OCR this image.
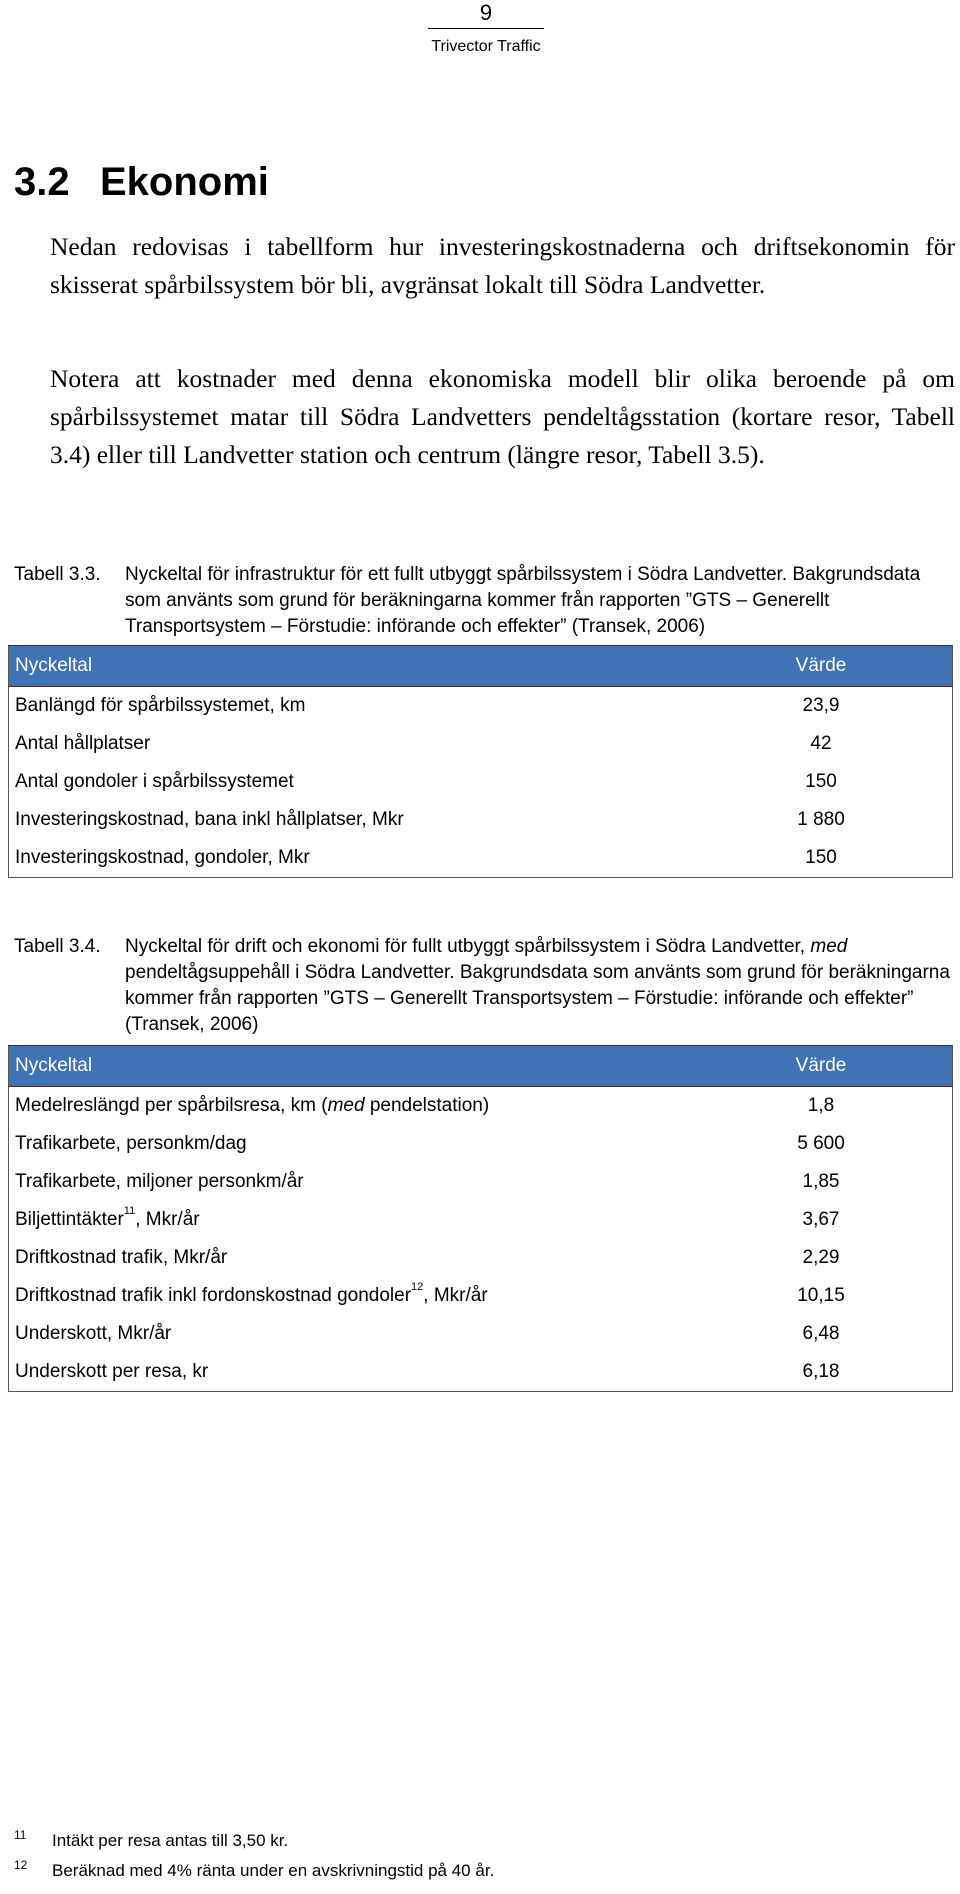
9
Trivector Traffic
3.2 Ekonomi

Nedan redovisas i tabellform hur investeringskostnaderna och driftsekonomin för skisserat spårbilssystem bör bli, avgränsat lokalt till Södra Landvetter.

Notera att kostnader med denna ekonomiska modell blir olika beroende på om spårbilssystemet matar till Södra Landvetters pendeltågsstation (kortare resor, Tabell 3.4) eller till Landvetter station och centrum (längre resor, Tabell 3.5).

Tabell 3.3. Nyckeltal för infrastruktur för ett fullt utbyggt spårbilssystem i Södra Landvetter. Bakgrundsdata som använts som grund för beräkningarna kommer från rapporten ”GTS – Generellt Transportsystem – Förstudie: införande och effekter” (Transek, 2006)
Nyckeltal	Värde
Banlängd för spårbilssystemet, km	23,9
Antal hållplatser	42
Antal gondoler i spårbilssystemet	150
Investeringskostnad, bana inkl hållplatser, Mkr	1 880
Investeringskostnad, gondoler, Mkr	150
Tabell 3.4. Nyckeltal för drift och ekonomi för fullt utbyggt spårbilssystem i Södra Landvetter, med pendeltågsuppehåll i Södra Landvetter. Bakgrundsdata som använts som grund för beräkningarna kommer från rapporten ”GTS – Generellt Transportsystem – Förstudie: införande och effekter” (Transek, 2006)
Nyckeltal	Värde
Medelreslängd per spårbilsresa, km (med pendelstation)	1,8
Trafikarbete, personkm/dag	5 600
Trafikarbete, miljoner personkm/år	1,85
Biljettintäkter$^{11}$, Mkr/år	3,67
Driftkostnad trafik, Mkr/år	2,29
Driftkostnad trafik inkl fordonskostnad gondoler$^{12}$, Mkr/år	10,15
Underskott, Mkr/år	6,48
Underskott per resa, kr	6,18
11 Intäkt per resa antas till 3,50 kr.
12 Beräknad med 4% ränta under en avskrivningstid på 40 år.
